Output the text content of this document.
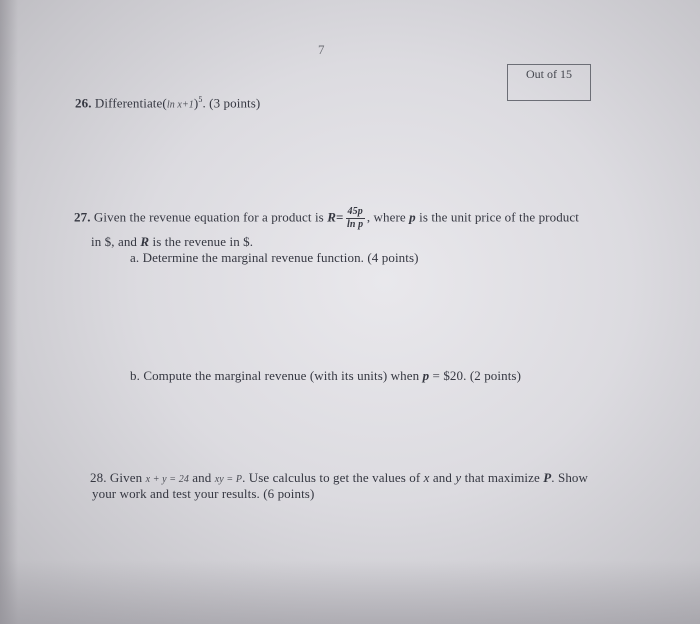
7
Out of 15
26. Differentiate(ln x+1)$^5$. (3 points)
27. Given the revenue equation for a product is $R= \frac{45p}{\text{ln p}}$ , where p is the unit price of the product
in $, and R is the revenue in $.
a. Determine the marginal revenue function. (4 points)
b. Compute the marginal revenue (with its units) when p = $20. (2 points)
28. Given x + y = 24 and xy = P. Use calculus to get the values of x and y that maximize P. Show
your work and test your results. (6 points)
